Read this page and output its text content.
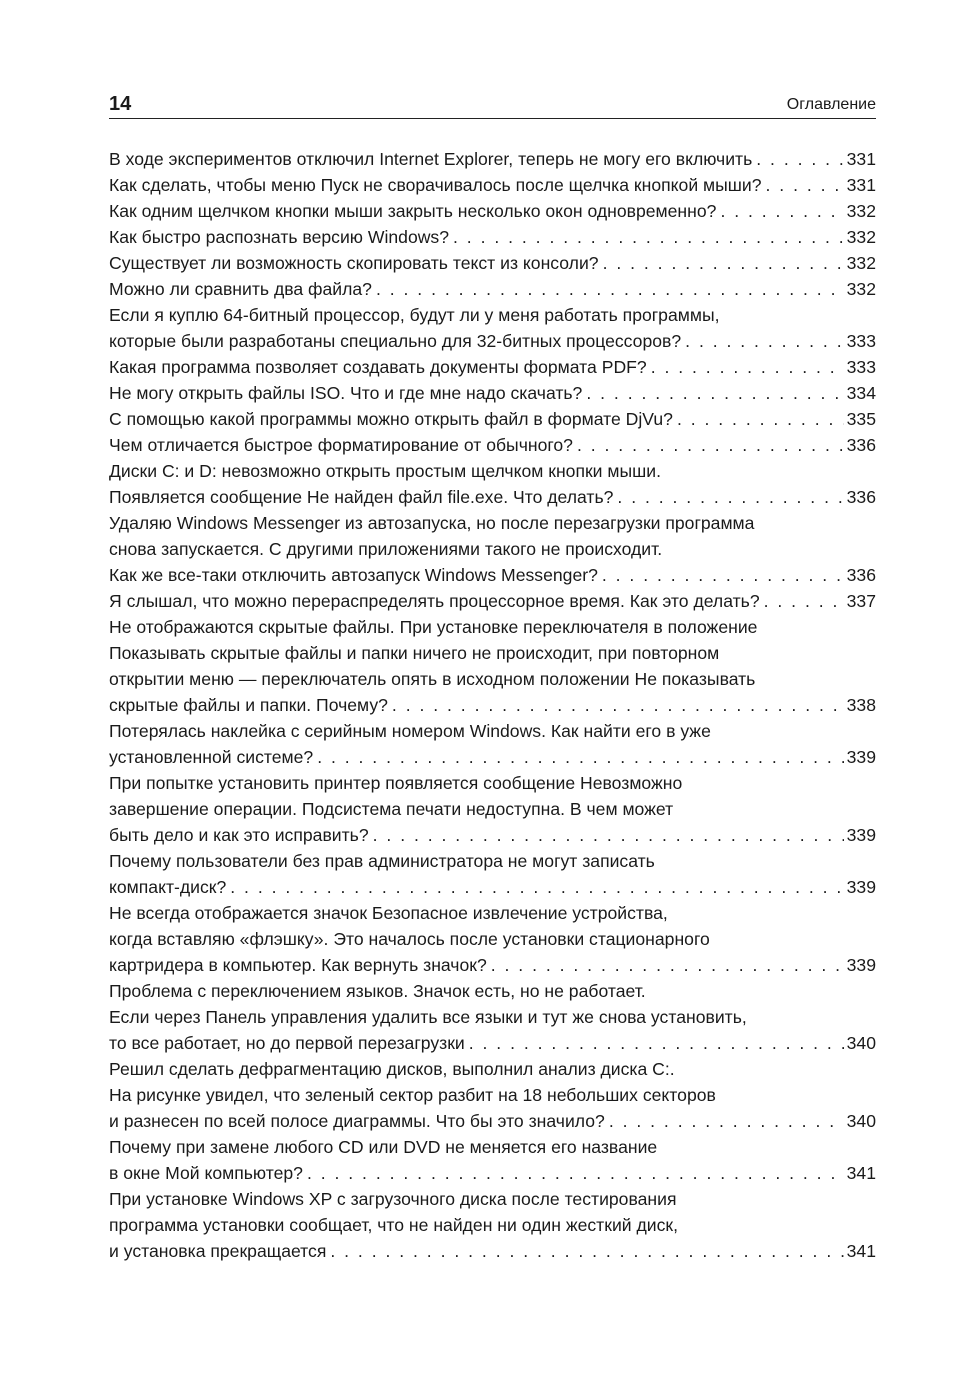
14	Оглавление
В ходе экспериментов отключил Internet Explorer, теперь не могу его включить . . .	331
Как сделать, чтобы меню Пуск не сворачивалось после щелчка кнопкой мыши? . . .	331
Как одним щелчком кнопки мыши закрыть несколько окон одновременно? . . .	332
Как быстро распознать версию Windows? . . .	332
Существует ли возможность скопировать текст из консоли? . . .	332
Можно ли сравнить два файла? . . .	332
Если я куплю 64-битный процессор, будут ли у меня работать программы,
которые были разработаны специально для 32-битных процессоров? . . .	333
Какая программа позволяет создавать документы формата PDF? . . .	333
Не могу открыть файлы ISO. Что и где мне надо скачать? . . .	334
С помощью какой программы можно открыть файл в формате DjVu? . . .	335
Чем отличается быстрое форматирование от обычного? . . .	336
Диски C: и D: невозможно открыть простым щелчком кнопки мыши.
Появляется сообщение Не найден файл file.exe. Что делать? . . .	336
Удаляю Windows Messenger из автозапуска, но после перезагрузки программа
снова запускается. С другими приложениями такого не происходит.
Как же все-таки отключить автозапуск Windows Messenger? . . .	336
Я слышал, что можно перераспределять процессорное время. Как это делать? . . .	337
Не отображаются скрытые файлы. При установке переключателя в положение
Показывать скрытые файлы и папки ничего не происходит, при повторном
открытии меню — переключатель опять в исходном положении Не показывать
скрытые файлы и папки. Почему? . . .	338
Потерялась наклейка с серийным номером Windows. Как найти его в уже
установленной системе? . . .	339
При попытке установить принтер появляется сообщение Невозможно
завершение операции. Подсистема печати недоступна. В чем может
быть дело и как это исправить? . . .	339
Почему пользователи без прав администратора не могут записать
компакт-диск? . . .	339
Не всегда отображается значок Безопасное извлечение устройства,
когда вставляю «флэшку». Это началось после установки стационарного
картридера в компьютер. Как вернуть значок? . . .	339
Проблема с переключением языков. Значок есть, но не работает.
Если через Панель управления удалить все языки и тут же снова установить,
то все работает, но до первой перезагрузки . . .	340
Решил сделать дефрагментацию дисков, выполнил анализ диска C:.
На рисунке увидел, что зеленый сектор разбит на 18 небольших секторов
и разнесен по всей полосе диаграммы. Что бы это значило? . . .	340
Почему при замене любого CD или DVD не меняется его название
в окне Мой компьютер? . . .	341
При установке Windows XP с загрузочного диска после тестирования
программа установки сообщает, что не найден ни один жесткий диск,
и установка прекращается . . .	341
